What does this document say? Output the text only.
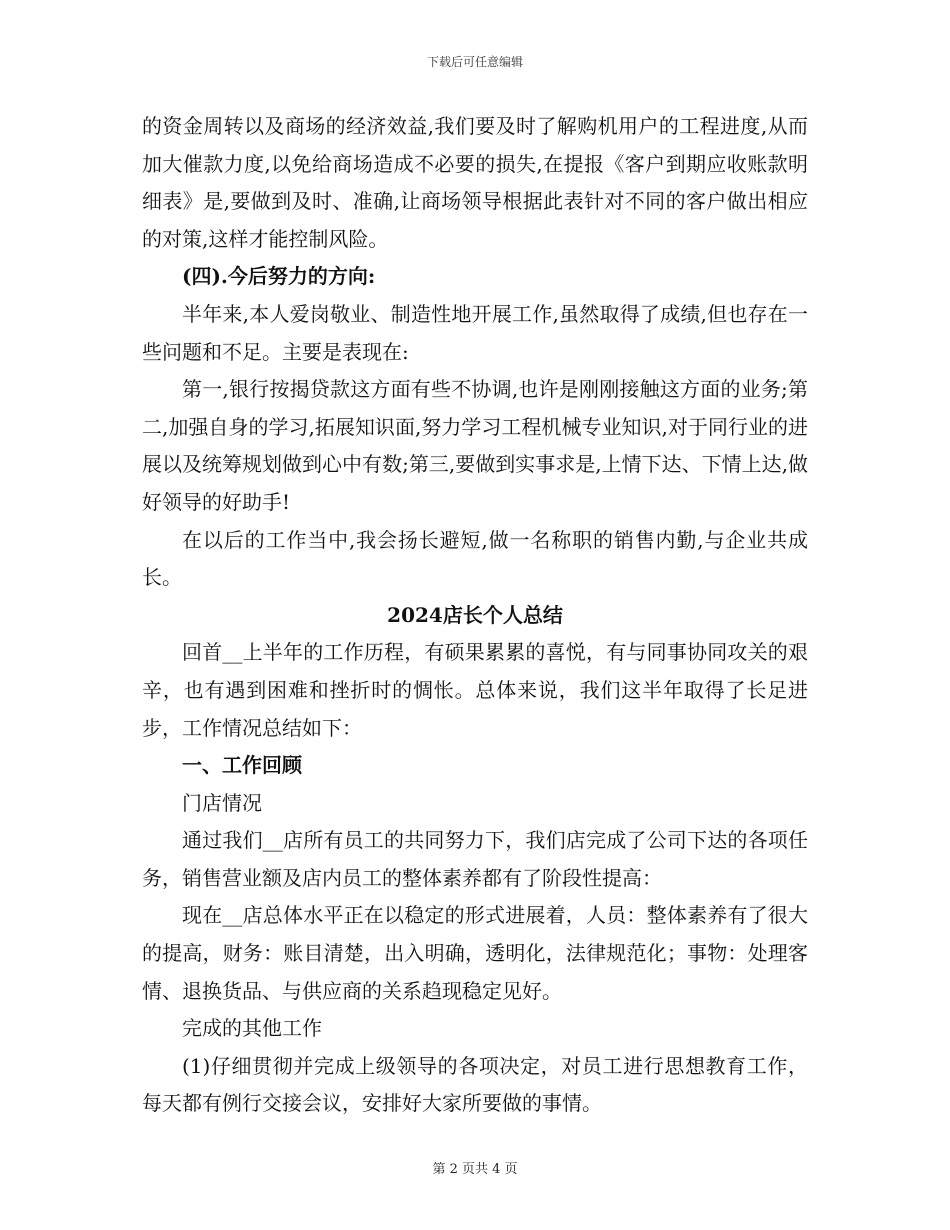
下载后可任意编辑

的资金周转以及商场的经济效益,我们要及时了解购机用户的工程进度,从而加大催款力度,以免给商场造成不必要的损失,在提报《客户到期应收账款明细表》是,要做到及时、准确,让商场领导根据此表针对不同的客户做出相应的对策,这样才能控制风险。

(四).今后努力的方向:

半年来,本人爱岗敬业、制造性地开展工作,虽然取得了成绩,但也存在一些问题和不足。主要是表现在:

第一,银行按揭贷款这方面有些不协调,也许是刚刚接触这方面的业务;第二,加强自身的学习,拓展知识面,努力学习工程机械专业知识,对于同行业的进展以及统筹规划做到心中有数;第三,要做到实事求是,上情下达、下情上达,做好领导的好助手!

在以后的工作当中,我会扬长避短,做一名称职的销售内勤,与企业共成长。

2024店长个人总结

回首__上半年的工作历程，有硕果累累的喜悦，有与同事协同攻关的艰辛，也有遇到困难和挫折时的惆怅。总体来说，我们这半年取得了长足进步，工作情况总结如下：

一、工作回顾

门店情况

通过我们__店所有员工的共同努力下，我们店完成了公司下达的各项任务，销售营业额及店内员工的整体素养都有了阶段性提高：

现在__店总体水平正在以稳定的形式进展着，人员：整体素养有了很大的提高，财务：账目清楚，出入明确，透明化，法律规范化；事物：处理客情、退换货品、与供应商的关系趋现稳定见好。

完成的其他工作

(1)仔细贯彻并完成上级领导的各项决定，对员工进行思想教育工作，每天都有例行交接会议，安排好大家所要做的事情。

第 2 页共 4 页
